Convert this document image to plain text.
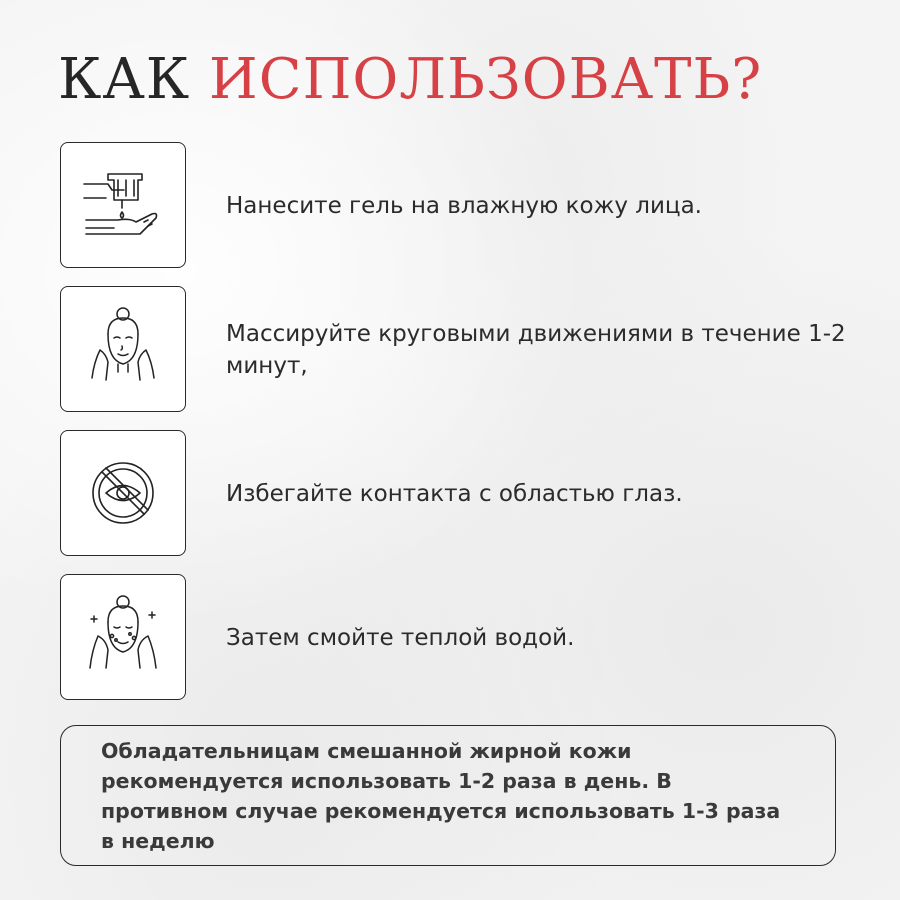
КАК ИСПОЛЬЗОВАТЬ?
Нанесите гель на влажную кожу лица.
Массируйте круговыми движениями в течение 1-2 минут,
Избегайте контакта с областью глаз.
Затем смойте теплой водой.
Обладательницам смешанной жирной кожи рекомендуется использовать 1-2 раза в день. В противном случае рекомендуется использовать 1-3 раза в неделю
